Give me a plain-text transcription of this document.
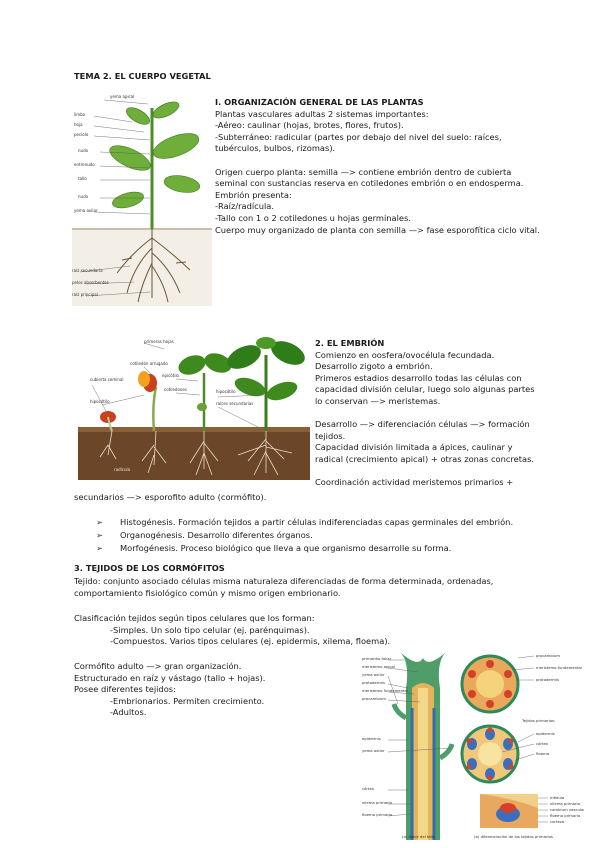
TEMA 2. EL CUERPO VEGETAL
yema apical
limbo
hoja
peciolo
nudo
entrenudo
tallo
nudo
yema axilar
raíz secundaria
pelos absorbentes
raíz principal
I. ORGANIZACIÓN GENERAL DE LAS PLANTAS
Plantas vasculares adultas 2 sistemas importantes:
-Aéreo: caulinar (hojas, brotes, flores, frutos).
-Subterráneo: radicular (partes por debajo del nivel del suelo: raíces,
tubérculos, bulbos, rizomas).
Origen cuerpo planta: semilla —> contiene embrión dentro de cubierta
seminal con sustancias reserva en cotiledones embrión o en endosperma.
Embrión presenta:
-Raíz/radícula.
-Tallo con 1 o 2 cotiledones u hojas germinales.
Cuerpo muy organizado de planta con semilla —> fase esporofítica ciclo vital.
primeras hojas
cotiledón arrugado
cubierta seminal
epicótilo
cotiledones
hipocótilo
hipocótilo
raíces secundarias
radícula
2. EL EMBRIÓN
Comienzo en oosfera/ovocélula fecundada.
Desarrollo zigoto a embrión.
Primeros estadios desarrollo todas las células con
capacidad división celular, luego solo algunas partes
lo conservan —> meristemas.
Desarrollo —> diferenciación células —> formación
tejidos.
Capacidad división limitada a ápices, caulinar y
radical (crecimiento apical) + otras zonas concretas.
Coordinación actividad meristemos primarios +
secundarios —> esporofito adulto (cormófito).
➢ Histogénesis. Formación tejidos a partir células indiferenciadas capas germinales del embrión.
➢ Organogénesis. Desarrollo diferentes órganos.
➢ Morfogénesis. Proceso biológico que lleva a que organismo desarrolle su forma.
3. TEJIDOS DE LOS CORMÓFITOS
Tejido: conjunto asociado células misma naturaleza diferenciadas de forma determinada, ordenadas,
comportamiento fisiológico común y mismo origen embrionario.
Clasificación tejidos según tipos celulares que los forman:
-Simples. Un solo tipo celular (ej. parénquimas).
-Compuestos. Varios tipos celulares (ej. epidermis, xilema, floema).
Cormófito adulto —> gran organización.
Estructurado en raíz y vástago (tallo + hojas).
Posee diferentes tejidos:
-Embrionarios. Permiten crecimiento.
-Adultos.
primordio foliar
meristemo apical
yema axilar
protodermis
meristemo fundamental
procambium
epidermis
yema axilar
xilema primario
floema primario
córtex
procambium
meristemo fundamental
protodermis
Tejidos primarios:
epidermis
córtex
floema
médula
xilema primario
cambium vascular
floema primario
corteza
(a) ápice del tallo	(b) diferenciación de los tejidos primarios
